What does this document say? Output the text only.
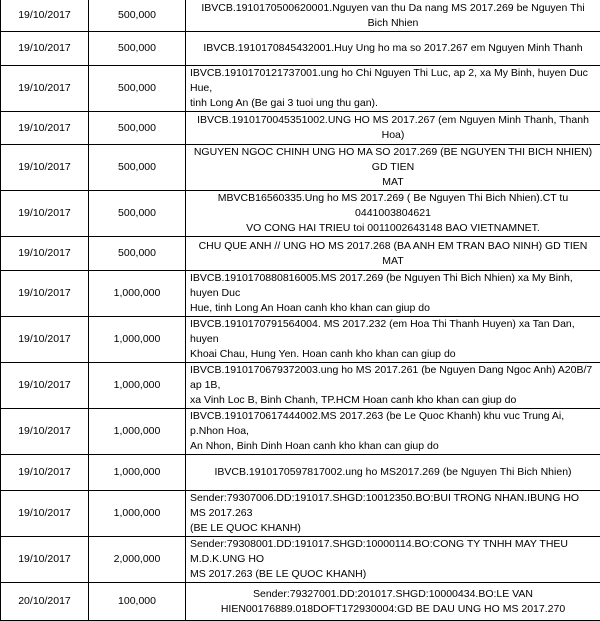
19/10/2017	500,000	IBVCB.1910170500620001.Nguyen van thu Da nang MS 2017.269 be Nguyen Thi Bich Nhien
19/10/2017	500,000	IBVCB.1910170845432001.Huy Ung ho ma so 2017.267 em Nguyen Minh Thanh
19/10/2017	500,000	IBVCB.1910170121737001.ung ho Chi Nguyen Thi Luc, ap 2, xa My Binh, huyen Duc Hue,
tinh Long An (Be gai 3 tuoi ung thu gan).
19/10/2017	500,000	IBVCB.1910170045351002.UNG HO MS 2017.267 (em Nguyen Minh Thanh, Thanh Hoa)
19/10/2017	500,000	NGUYEN NGOC CHINH UNG HO MA SO 2017.269 (BE NGUYEN THI BICH NHIEN) GD TIEN
MAT
19/10/2017	500,000	MBVCB16560335.Ung ho MS 2017.269 ( Be Nguyen Thi Bich Nhien).CT tu 0441003804621
VO CONG HAI TRIEU toi 0011002643148 BAO VIETNAMNET.
19/10/2017	500,000	CHU QUE ANH // UNG HO MS 2017.268 (BA ANH EM TRAN BAO NINH) GD TIEN MAT
19/10/2017	1,000,000	IBVCB.1910170880816005.MS 2017.269 (be Nguyen Thi Bich Nhien) xa My Binh, huyen Duc
Hue, tinh Long An Hoan canh kho khan can giup do
19/10/2017	1,000,000	IBVCB.1910170791564004. MS 2017.232 (em Hoa Thi Thanh Huyen) xa Tan Dan, huyen
Khoai Chau, Hung Yen. Hoan canh kho khan can giup do
19/10/2017	1,000,000	IBVCB.1910170679372003.ung ho MS 2017.261 (be Nguyen Dang Ngoc Anh) A20B/7 ap 1B,
xa Vinh Loc B, Binh Chanh, TP.HCM Hoan canh kho khan can giup do
19/10/2017	1,000,000	IBVCB.1910170617444002.MS 2017.263 (be Le Quoc Khanh) khu vuc Trung Ai, p.Nhon Hoa,
An Nhon, Binh Dinh Hoan canh kho khan can giup do
19/10/2017	1,000,000	IBVCB.1910170597817002.ung ho MS2017.269 (be Nguyen Thi Bich Nhien)
19/10/2017	1,000,000	Sender:79307006.DD:191017.SHGD:10012350.BO:BUI TRONG NHAN.IBUNG HO MS 2017.263
(BE LE QUOC KHANH)
19/10/2017	2,000,000	Sender:79308001.DD:191017.SHGD:10000114.BO:CONG TY TNHH MAY THEU M.D.K.UNG HO
MS 2017.263 (BE LE QUOC KHANH)
20/10/2017	100,000	Sender:79327001.DD:201017.SHGD:10000434.BO:LE VAN
HIEN00176889.018DOFT172930004:GD BE DAU UNG HO MS 2017.270
